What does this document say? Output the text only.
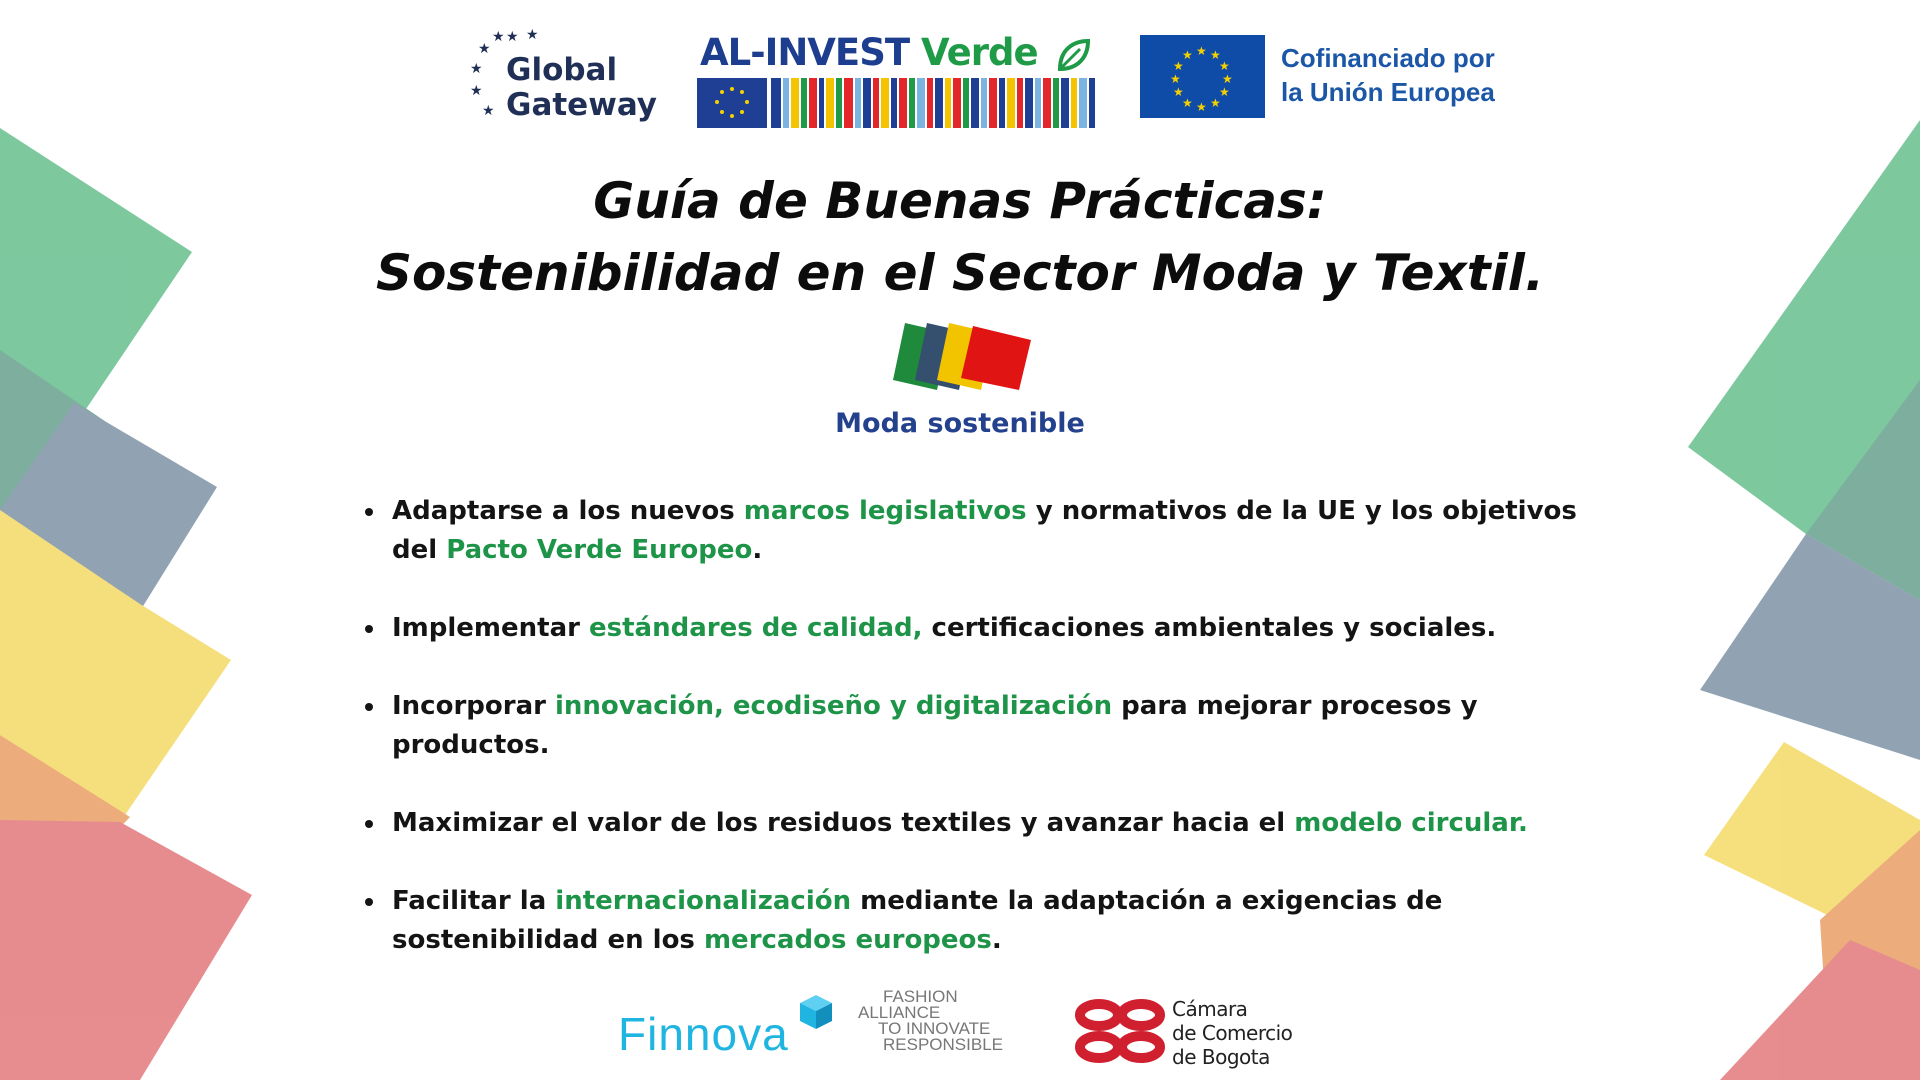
★
★
★
★
★
★ ★
Global
Gateway
AL-INVEST Verde	★ ★
★
★
★
★
★
★
★
★
★
★	Cofinanciado por
la Unión Europea
Guía de Buenas Prácticas:
Sostenibilidad en el Sector Moda y Textil.
Moda sostenible
Adaptarse a los nuevos marcos legislativos y normativos de la UE y los objetivos del Pacto Verde Europeo.
Implementar estándares de calidad, certificaciones ambientales y sociales.
Incorporar innovación, ecodiseño y digitalización para mejorar procesos y productos.
Maximizar el valor de los residuos textiles y avanzar hacia el modelo circular.
Facilitar la internacionalización mediante la adaptación a exigencias de sostenibilidad en los mercados europeos.
Finnova
FASHION
ALLIANCE
TO INNOVATE
RESPONSIBLE
Cámara
de Comercio
de Bogota
